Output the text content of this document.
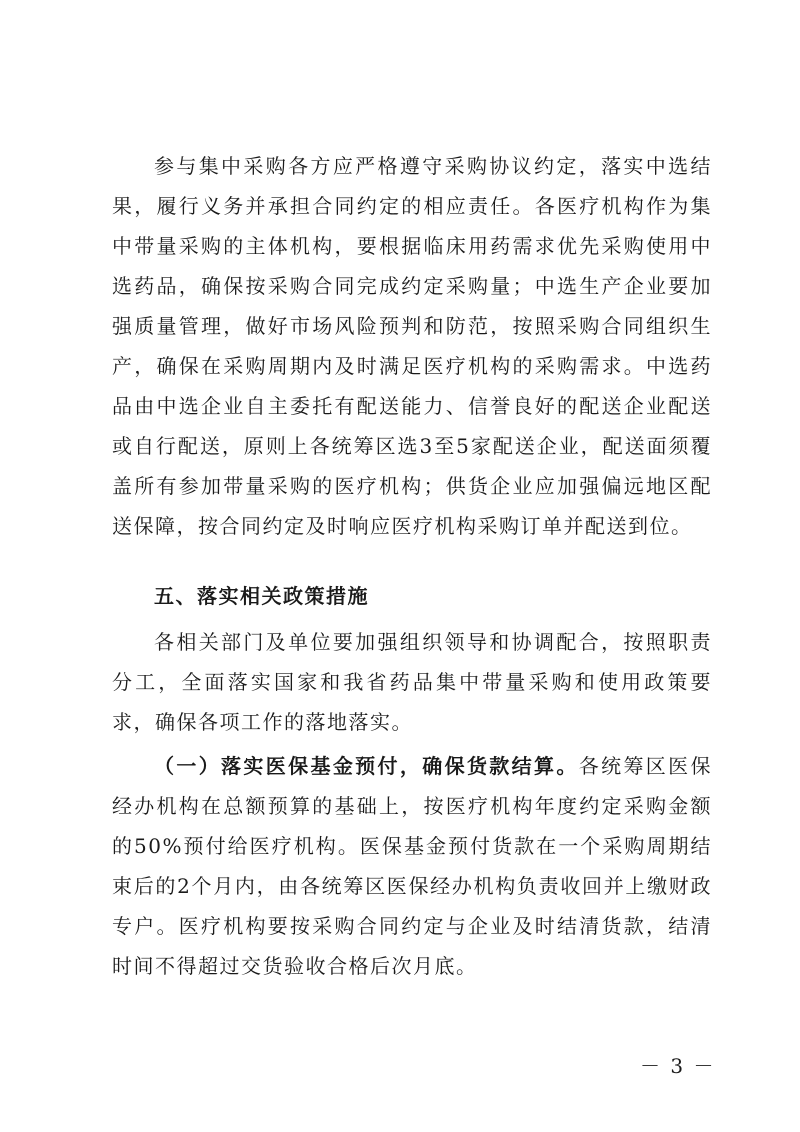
参与集中采购各方应严格遵守采购协议约定，落实中选结果，履行义务并承担合同约定的相应责任。各医疗机构作为集中带量采购的主体机构，要根据临床用药需求优先采购使用中选药品，确保按采购合同完成约定采购量；中选生产企业要加强质量管理，做好市场风险预判和防范，按照采购合同组织生产，确保在采购周期内及时满足医疗机构的采购需求。中选药品由中选企业自主委托有配送能力、信誉良好的配送企业配送或自行配送，原则上各统筹区选3至5家配送企业，配送面须覆盖所有参加带量采购的医疗机构；供货企业应加强偏远地区配送保障，按合同约定及时响应医疗机构采购订单并配送到位。

五、落实相关政策措施

各相关部门及单位要加强组织领导和协调配合，按照职责分工，全面落实国家和我省药品集中带量采购和使用政策要求，确保各项工作的落地落实。

（一）落实医保基金预付，确保货款结算。各统筹区医保经办机构在总额预算的基础上，按医疗机构年度约定采购金额的50%预付给医疗机构。医保基金预付货款在一个采购周期结束后的2个月内，由各统筹区医保经办机构负责收回并上缴财政专户。医疗机构要按采购合同约定与企业及时结清货款，结清时间不得超过交货验收合格后次月底。

－ 3 －
